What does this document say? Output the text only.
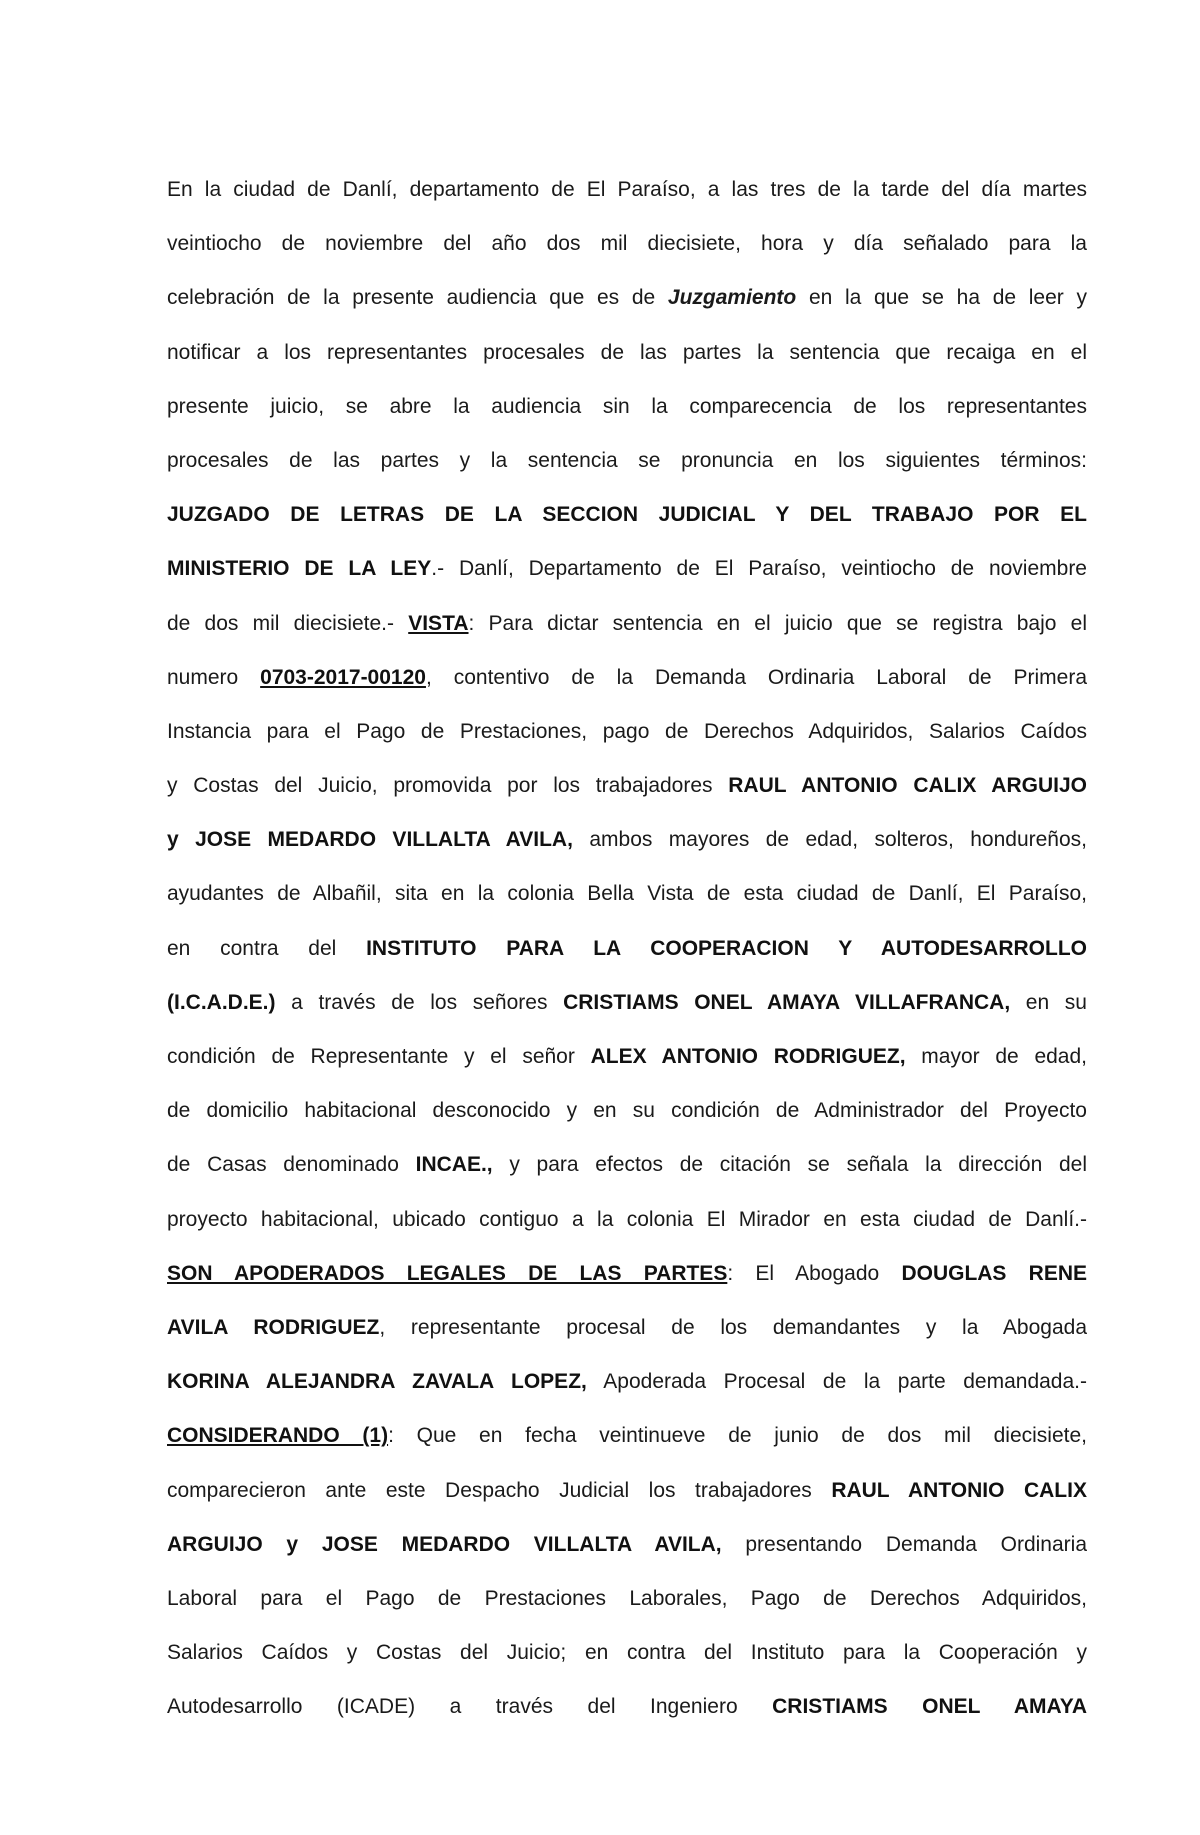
En la ciudad de Danlí, departamento de El Paraíso, a las tres de la tarde del día martes
veintiocho de noviembre del año dos mil diecisiete, hora y día señalado para la
celebración de la presente audiencia que es de Juzgamiento en la que se ha de leer y
notificar a los representantes procesales de las partes la sentencia que recaiga en el
presente juicio, se abre la audiencia sin la comparecencia de los representantes
procesales de las partes y la sentencia se pronuncia en los siguientes términos:
JUZGADO DE LETRAS DE LA SECCION JUDICIAL Y DEL TRABAJO POR EL
MINISTERIO DE LA LEY.- Danlí, Departamento de El Paraíso, veintiocho de noviembre
de dos mil diecisiete.- VISTA: Para dictar sentencia en el juicio que se registra bajo el
numero 0703-2017-00120, contentivo de la Demanda Ordinaria Laboral de Primera
Instancia para el Pago de Prestaciones, pago de Derechos Adquiridos, Salarios Caídos
y Costas del Juicio, promovida por los trabajadores RAUL ANTONIO CALIX ARGUIJO
y JOSE MEDARDO VILLALTA AVILA, ambos mayores de edad, solteros, hondureños,
ayudantes de Albañil, sita en la colonia Bella Vista de esta ciudad de Danlí, El Paraíso,
en contra del INSTITUTO PARA LA COOPERACION Y AUTODESARROLLO
(I.C.A.D.E.) a través de los señores CRISTIAMS ONEL AMAYA VILLAFRANCA, en su
condición de Representante y el señor ALEX ANTONIO RODRIGUEZ, mayor de edad,
de domicilio habitacional desconocido y en su condición de Administrador del Proyecto
de Casas denominado INCAE., y para efectos de citación se señala la dirección del
proyecto habitacional, ubicado contiguo a la colonia El Mirador en esta ciudad de Danlí.-
SON APODERADOS LEGALES DE LAS PARTES: El Abogado DOUGLAS RENE
AVILA RODRIGUEZ, representante procesal de los demandantes y la Abogada
KORINA ALEJANDRA ZAVALA LOPEZ, Apoderada Procesal de la parte demandada.-
CONSIDERANDO (1): Que en fecha veintinueve de junio de dos mil diecisiete,
comparecieron ante este Despacho Judicial los trabajadores RAUL ANTONIO CALIX
ARGUIJO y JOSE MEDARDO VILLALTA AVILA, presentando Demanda Ordinaria
Laboral para el Pago de Prestaciones Laborales, Pago de Derechos Adquiridos,
Salarios Caídos y Costas del Juicio; en contra del Instituto para la Cooperación y
Autodesarrollo (ICADE) a través del Ingeniero CRISTIAMS ONEL AMAYA
